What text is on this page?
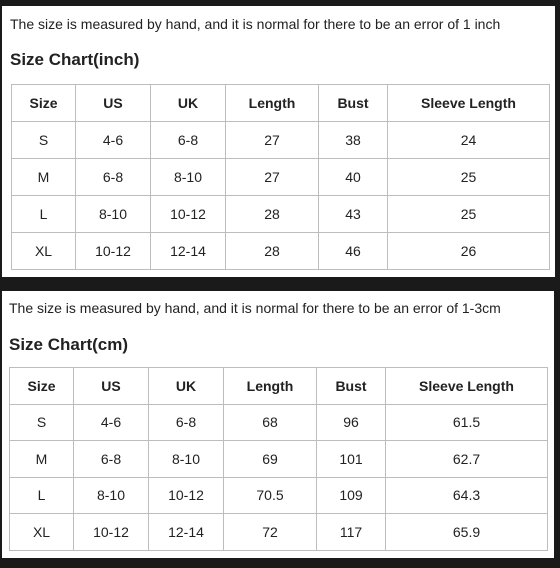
The size is measured by hand, and it is normal for there to be an error of 1 inch
Size Chart(inch)
Size	US	UK	Length	Bust	Sleeve Length
S	4-6	6-8	27	38	24
M	6-8	8-10	27	40	25
L	8-10	10-12	28	43	25
XL	10-12	12-14	28	46	26
The size is measured by hand, and it is normal for there to be an error of 1-3cm
Size Chart(cm)
Size	US	UK	Length	Bust	Sleeve Length
S	4-6	6-8	68	96	61.5
M	6-8	8-10	69	101	62.7
L	8-10	10-12	70.5	109	64.3
XL	10-12	12-14	72	117	65.9
